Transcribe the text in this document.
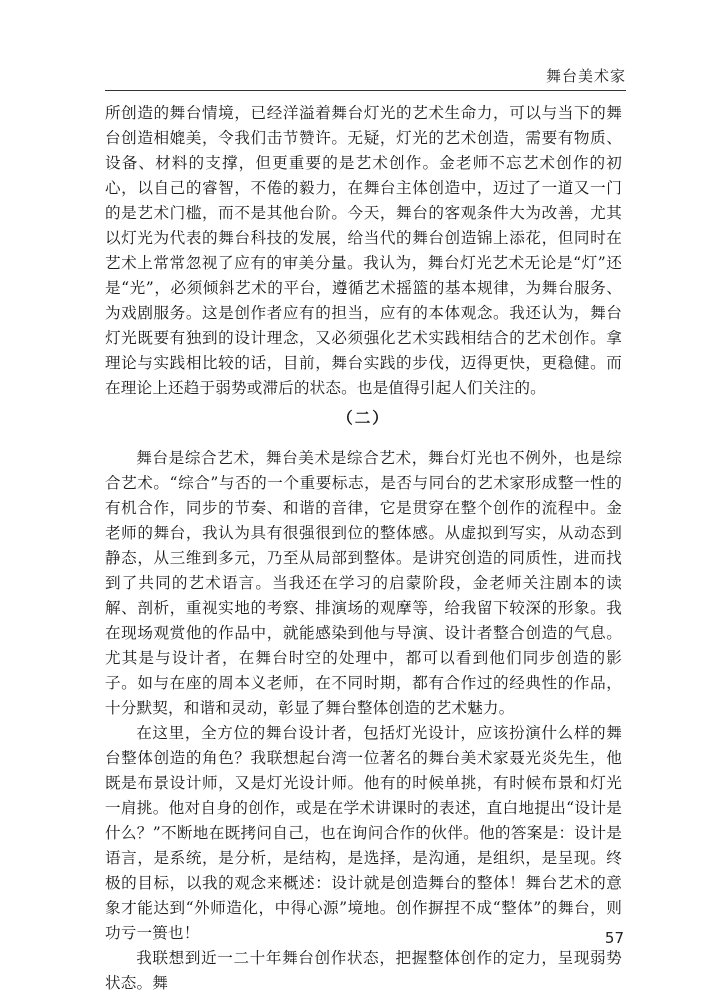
舞台美术家

所创造的舞台情境，已经洋溢着舞台灯光的艺术生命力，可以与当下的舞台创造相媲美，令我们击节赞许。无疑，灯光的艺术创造，需要有物质、设备、材料的支撑，但更重要的是艺术创作。金老师不忘艺术创作的初心，以自己的睿智，不倦的毅力，在舞台主体创造中，迈过了一道又一门的是艺术门槛，而不是其他台阶。今天，舞台的客观条件大为改善，尤其以灯光为代表的舞台科技的发展，给当代的舞台创造锦上添花，但同时在艺术上常常忽视了应有的审美分量。我认为，舞台灯光艺术无论是“灯”还是“光”，必须倾斜艺术的平台，遵循艺术摇篮的基本规律，为舞台服务、为戏剧服务。这是创作者应有的担当，应有的本体观念。我还认为，舞台灯光既要有独到的设计理念，又必须强化艺术实践相结合的艺术创作。拿理论与实践相比较的话，目前，舞台实践的步伐，迈得更快，更稳健。而在理论上还趋于弱势或滞后的状态。也是值得引起人们关注的。

（二）

舞台是综合艺术，舞台美术是综合艺术，舞台灯光也不例外，也是综合艺术。“综合”与否的一个重要标志，是否与同台的艺术家形成整一性的有机合作，同步的节奏、和谐的音律，它是贯穿在整个创作的流程中。金老师的舞台，我认为具有很强很到位的整体感。从虚拟到写实，从动态到静态，从三维到多元，乃至从局部到整体。是讲究创造的同质性，进而找到了共同的艺术语言。当我还在学习的启蒙阶段，金老师关注剧本的读解、剖析，重视实地的考察、排演场的观摩等，给我留下较深的形象。我在现场观赏他的作品中，就能感染到他与导演、设计者整合创造的气息。尤其是与设计者，在舞台时空的处理中，都可以看到他们同步创造的影子。如与在座的周本义老师，在不同时期，都有合作过的经典性的作品，十分默契，和谐和灵动，彰显了舞台整体创造的艺术魅力。

在这里，全方位的舞台设计者，包括灯光设计，应该扮演什么样的舞台整体创造的角色？我联想起台湾一位著名的舞台美术家聂光炎先生，他既是布景设计师，又是灯光设计师。他有的时候单挑，有时候布景和灯光一肩挑。他对自身的创作，或是在学术讲课时的表述，直白地提出“设计是什么？”不断地在既拷问自己，也在询问合作的伙伴。他的答案是：设计是语言，是系统，是分析，是结构，是选择，是沟通，是组织，是呈现。终极的目标，以我的观念来概述：设计就是创造舞台的整体！舞台艺术的意象才能达到“外师造化，中得心源”境地。创作摒捏不成“整体”的舞台，则功亏一篑也！

我联想到近一二十年舞台创作状态，把握整体创作的定力，呈现弱势状态。舞

57
